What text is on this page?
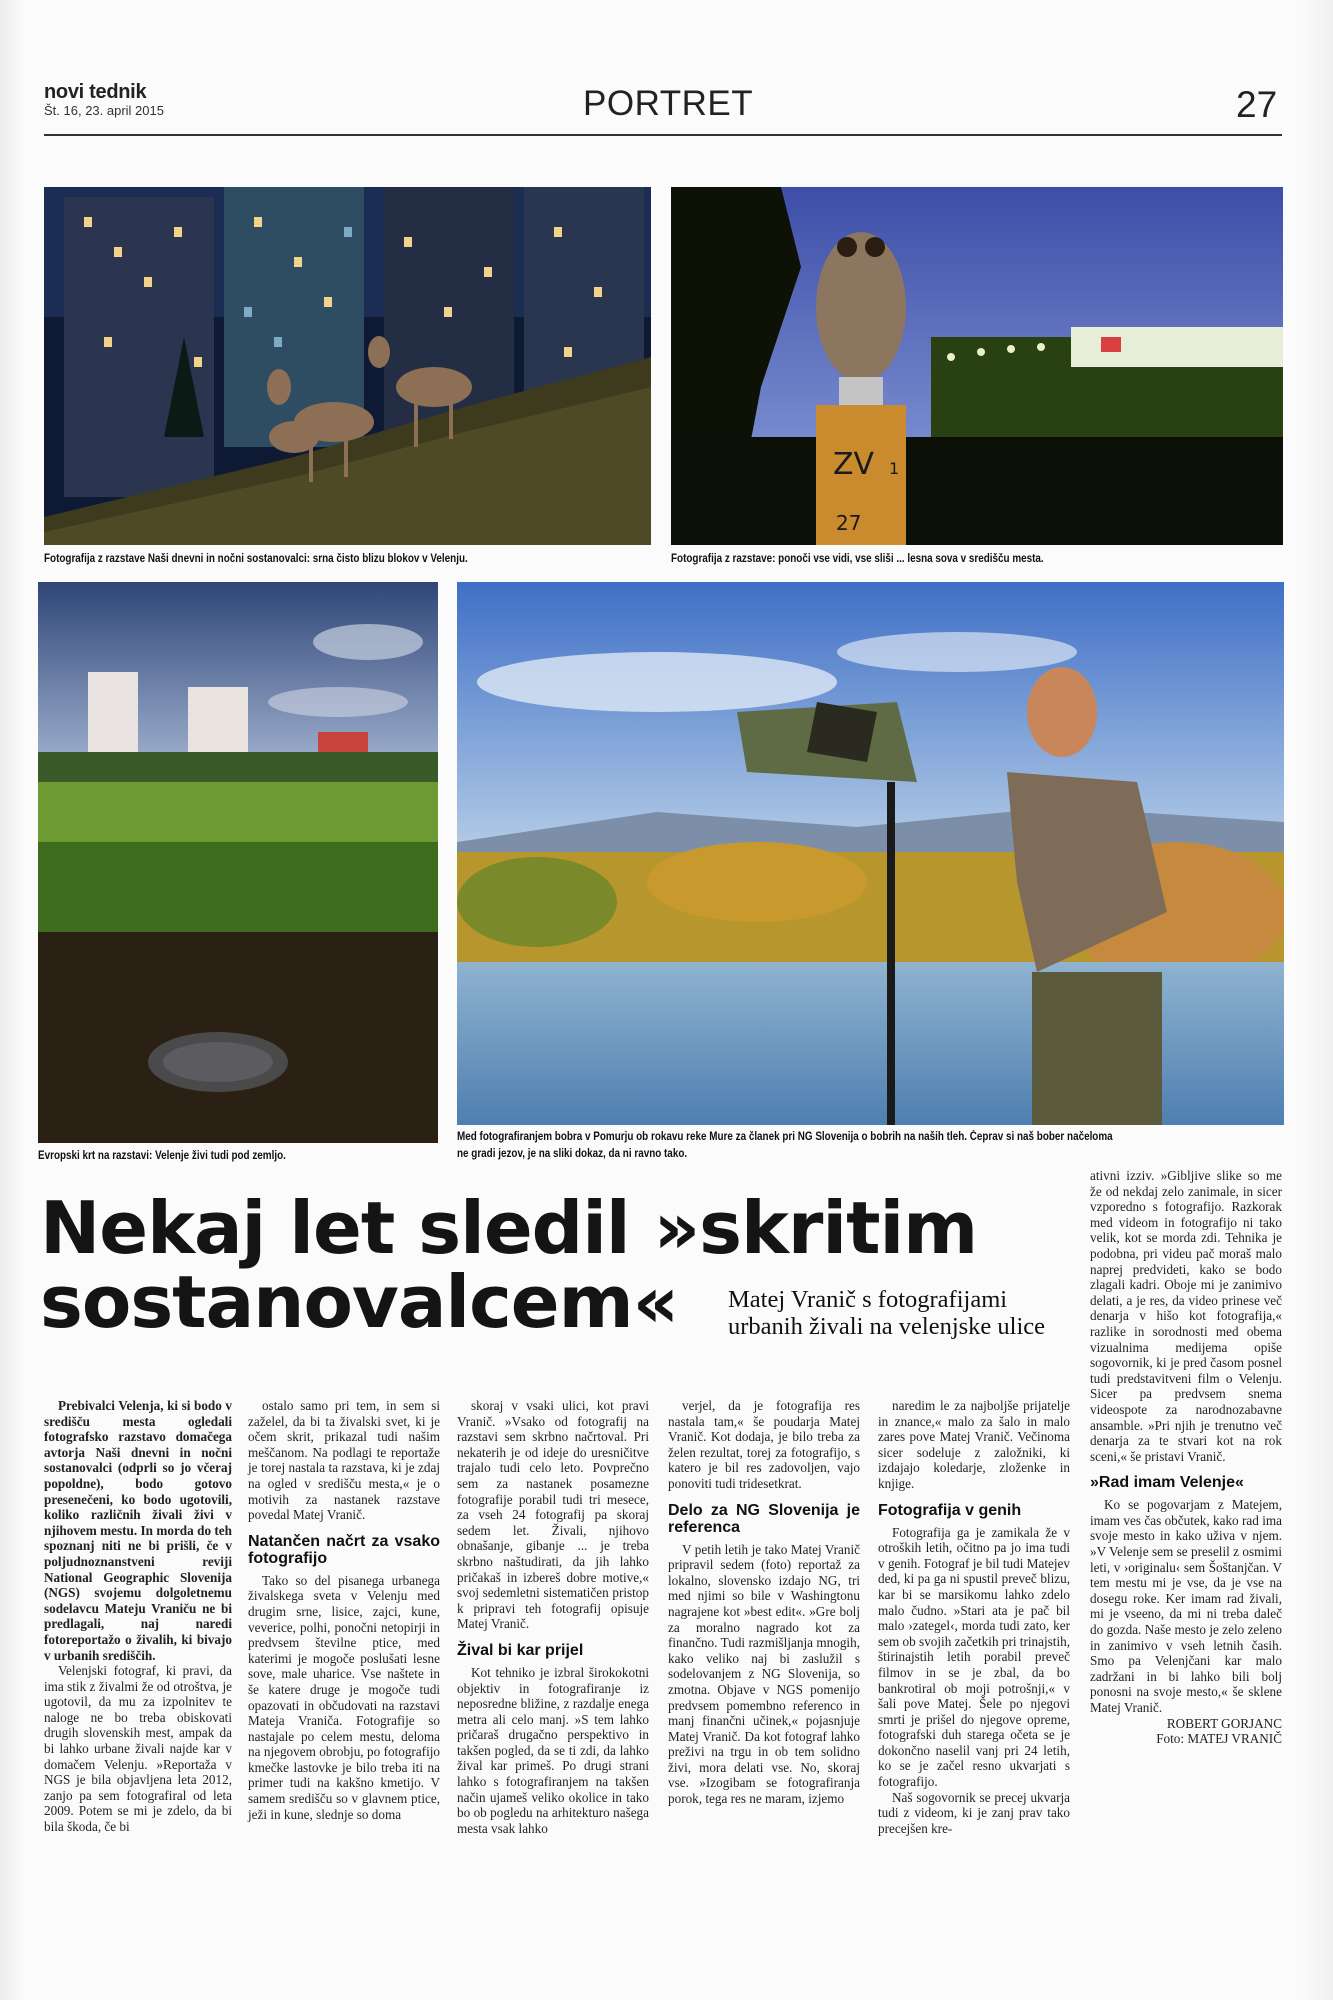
novi tednik
Št. 16, 23. april 2015	PORTRET	27
Fotografija z razstave Naši dnevni in nočni sostanovalci: srna čisto blizu blokov v Velenju.
ZV 1
27
Fotografija z razstave: ponoči vse vidi, vse sliši ... lesna sova v središču mesta.
Evropski krt na razstavi: Velenje živi tudi pod zemljo.
Med fotografiranjem bobra v Pomurju ob rokavu reke Mure za članek pri NG Slovenija o bobrih na naših tleh. Čeprav si naš bober načeloma
ne gradi jezov, je na sliki dokaz, da ni ravno tako.
Nekaj let sledil »skritim
sostanovalcem« Matej Vranič s fotografijami urbanih živali na velenjske ulice

Prebivalci Velenja, ki si bodo v središču mesta ogledali fotografsko razstavo domačega avtorja Naši dnevni in nočni sostanovalci (odprli so jo včeraj popoldne), bodo gotovo presenečeni, ko bodo ugotovili, koliko različnih živali živi v njihovem mestu. In morda do teh spoznanj niti ne bi prišli, če v poljudnoznanstveni reviji National Geographic Slovenija (NGS) svojemu dolgoletnemu sodelavcu Mateju Vraniču ne bi predlagali, naj naredi fotoreportažo o živalih, ki bivajo v urbanih središčih.

Velenjski fotograf, ki pravi, da ima stik z živalmi že od otroštva, je ugotovil, da mu za izpolnitev te naloge ne bo treba obiskovati drugih slovenskih mest, ampak da bi lahko urbane živali najde kar v domačem Velenju. »Reportaža v NGS je bila objavljena leta 2012, zanjo pa sem fotografiral od leta 2009. Potem se mi je zdelo, da bi bila škoda, če bi

ostalo samo pri tem, in sem si zaželel, da bi ta živalski svet, ki je očem skrit, prikazal tudi našim meščanom. Na podlagi te reportaže je torej nastala ta razstava, ki je zdaj na ogled v središču mesta,« je o motivih za nastanek razstave povedal Matej Vranič.

Natančen načrt za vsako fotografijo

Tako so del pisanega urbanega živalskega sveta v Velenju med drugim srne, lisice, zajci, kune, veverice, polhi, ponočni netopirji in predvsem številne ptice, med katerimi je mogoče poslušati lesne sove, male uharice. Vse naštete in še katere druge je mogoče tudi opazovati in občudovati na razstavi Mateja Vraniča. Fotografije so nastajale po celem mestu, deloma na njegovem obrobju, po fotografijo kmečke lastovke je bilo treba iti na primer tudi na kakšno kmetijo. V samem središču so v glavnem ptice, ježi in kune, slednje so doma

skoraj v vsaki ulici, kot pravi Vranič. »Vsako od fotografij na razstavi sem skrbno načrtoval. Pri nekaterih je od ideje do uresničitve trajalo tudi celo leto. Povprečno sem za nastanek posamezne fotografije porabil tudi tri mesece, za vseh 24 fotografij pa skoraj sedem let. Živali, njihovo obnašanje, gibanje ... je treba skrbno naštudirati, da jih lahko pričakaš in izbereš dobre motive,« svoj sedemletni sistematičen pristop k pripravi teh fotografij opisuje Matej Vranič.

Žival bi kar prijel

Kot tehniko je izbral širokokotni objektiv in fotografiranje iz neposredne bližine, z razdalje enega metra ali celo manj. »S tem lahko pričaraš drugačno perspektivo in takšen pogled, da se ti zdi, da lahko žival kar primeš. Po drugi strani lahko s fotografiranjem na takšen način ujameš veliko okolice in tako bo ob pogledu na arhitekturo našega mesta vsak lahko

verjel, da je fotografija res nastala tam,« še poudarja Matej Vranič. Kot dodaja, je bilo treba za želen rezultat, torej za fotografijo, s katero je bil res zadovoljen, vajo ponoviti tudi tridesetkrat.

Delo za NG Slovenija je referenca

V petih letih je tako Matej Vranič pripravil sedem (foto) reportaž za lokalno, slovensko izdajo NG, tri med njimi so bile v Washingtonu nagrajene kot »best edit«. »Gre bolj za moralno nagrado kot za finančno. Tudi razmišljanja mnogih, kako veliko naj bi zaslužil s sodelovanjem z NG Slovenija, so zmotna. Objave v NGS pomenijo predvsem pomembno referenco in manj finančni učinek,« pojasnjuje Matej Vranič. Da kot fotograf lahko preživi na trgu in ob tem solidno živi, mora delati vse. No, skoraj vse. »Izogibam se fotografiranja porok, tega res ne maram, izjemo

naredim le za najboljše prijatelje in znance,« malo za šalo in malo zares pove Matej Vranič. Večinoma sicer sodeluje z založniki, ki izdajajo koledarje, zloženke in knjige.

Fotografija v genih

Fotografija ga je zamikala že v otroških letih, očitno pa jo ima tudi v genih. Fotograf je bil tudi Matejev ded, ki pa ga ni spustil preveč blizu, kar bi se marsikomu lahko zdelo malo čudno. »Stari ata je pač bil malo ›zategel‹, morda tudi zato, ker sem ob svojih začetkih pri trinajstih, štirinajstih letih porabil preveč filmov in se je zbal, da bo bankrotiral ob moji potrošnji,« v šali pove Matej. Šele po njegovi smrti je prišel do njegove opreme, fotografski duh starega očeta se je dokončno naselil vanj pri 24 letih, ko se je začel resno ukvarjati s fotografijo.

Naš sogovornik se precej ukvarja tudi z videom, ki je zanj prav tako precejšen kre-

ativni izziv. »Gibljive slike so me že od nekdaj zelo zanimale, in sicer vzporedno s fotografijo. Razkorak med videom in fotografijo ni tako velik, kot se morda zdi. Tehnika je podobna, pri videu pač moraš malo naprej predvideti, kako se bodo zlagali kadri. Oboje mi je zanimivo delati, a je res, da video prinese več denarja v hišo kot fotografija,« razlike in sorodnosti med obema vizualnima medijema opiše sogovornik, ki je pred časom posnel tudi predstavitveni film o Velenju. Sicer pa predvsem snema videospote za narodnozabavne ansamble. »Pri njih je trenutno več denarja za te stvari kot na rok sceni,« še pristavi Vranič.

»Rad imam Velenje«

Ko se pogovarjam z Matejem, imam ves čas občutek, kako rad ima svoje mesto in kako uživa v njem. »V Velenje sem se preselil z osmimi leti, v ›originalu‹ sem Šoštanjčan. V tem mestu mi je vse, da je vse na dosegu roke. Ker imam rad živali, mi je vseeno, da mi ni treba daleč do gozda. Naše mesto je zelo zeleno in zanimivo v vseh letnih časih. Smo pa Velenjčani kar malo zadržani in bi lahko bili bolj ponosni na svoje mesto,« še sklene Matej Vranič.

ROBERT GORJANC

Foto: MATEJ VRANIČ
